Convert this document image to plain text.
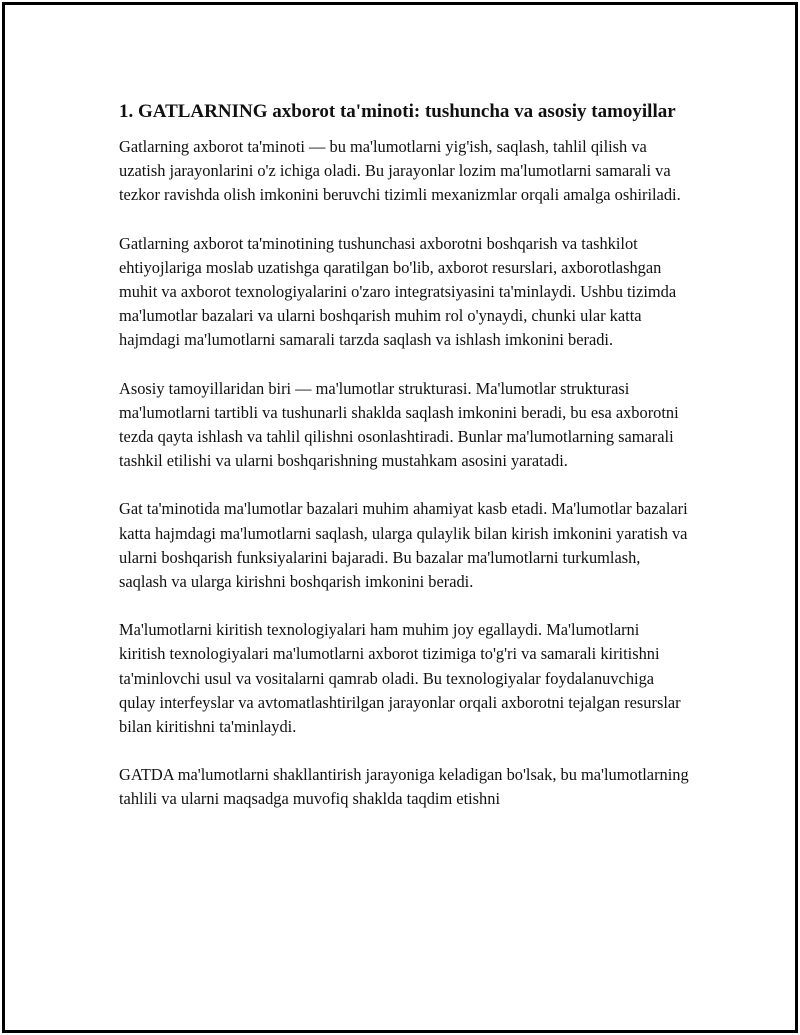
1. GATLARNING axborot ta'minoti: tushuncha va asosiy tamoyillar

Gatlarning axborot ta'minoti — bu ma'lumotlarni yig'ish, saqlash, tahlil qilish va uzatish jarayonlarini o'z ichiga oladi. Bu jarayonlar lozim ma'lumotlarni samarali va tezkor ravishda olish imkonini beruvchi tizimli mexanizmlar orqali amalga oshiriladi.

Gatlarning axborot ta'minotining tushunchasi axborotni boshqarish va tashkilot ehtiyojlariga moslab uzatishga qaratilgan bo'lib, axborot resurslari, axborotlashgan muhit va axborot texnologiyalarini o'zaro integratsiyasini ta'minlaydi. Ushbu tizimda ma'lumotlar bazalari va ularni boshqarish muhim rol o'ynaydi, chunki ular katta hajmdagi ma'lumotlarni samarali tarzda saqlash va ishlash imkonini beradi.

Asosiy tamoyillaridan biri — ma'lumotlar strukturasi. Ma'lumotlar strukturasi ma'lumotlarni tartibli va tushunarli shaklda saqlash imkonini beradi, bu esa axborotni tezda qayta ishlash va tahlil qilishni osonlashtiradi. Bunlar ma'lumotlarning samarali tashkil etilishi va ularni boshqarishning mustahkam asosini yaratadi.

Gat ta'minotida ma'lumotlar bazalari muhim ahamiyat kasb etadi. Ma'lumotlar bazalari katta hajmdagi ma'lumotlarni saqlash, ularga qulaylik bilan kirish imkonini yaratish va ularni boshqarish funksiyalarini bajaradi. Bu bazalar ma'lumotlarni turkumlash, saqlash va ularga kirishni boshqarish imkonini beradi.

Ma'lumotlarni kiritish texnologiyalari ham muhim joy egallaydi. Ma'lumotlarni kiritish texnologiyalari ma'lumotlarni axborot tizimiga to'g'ri va samarali kiritishni ta'minlovchi usul va vositalarni qamrab oladi. Bu texnologiyalar foydalanuvchiga qulay interfeyslar va avtomatlashtirilgan jarayonlar orqali axborotni tejalgan resurslar bilan kiritishni ta'minlaydi.

GATDA ma'lumotlarni shakllantirish jarayoniga keladigan bo'lsak, bu ma'lumotlarning tahlili va ularni maqsadga muvofiq shaklda taqdim etishni
